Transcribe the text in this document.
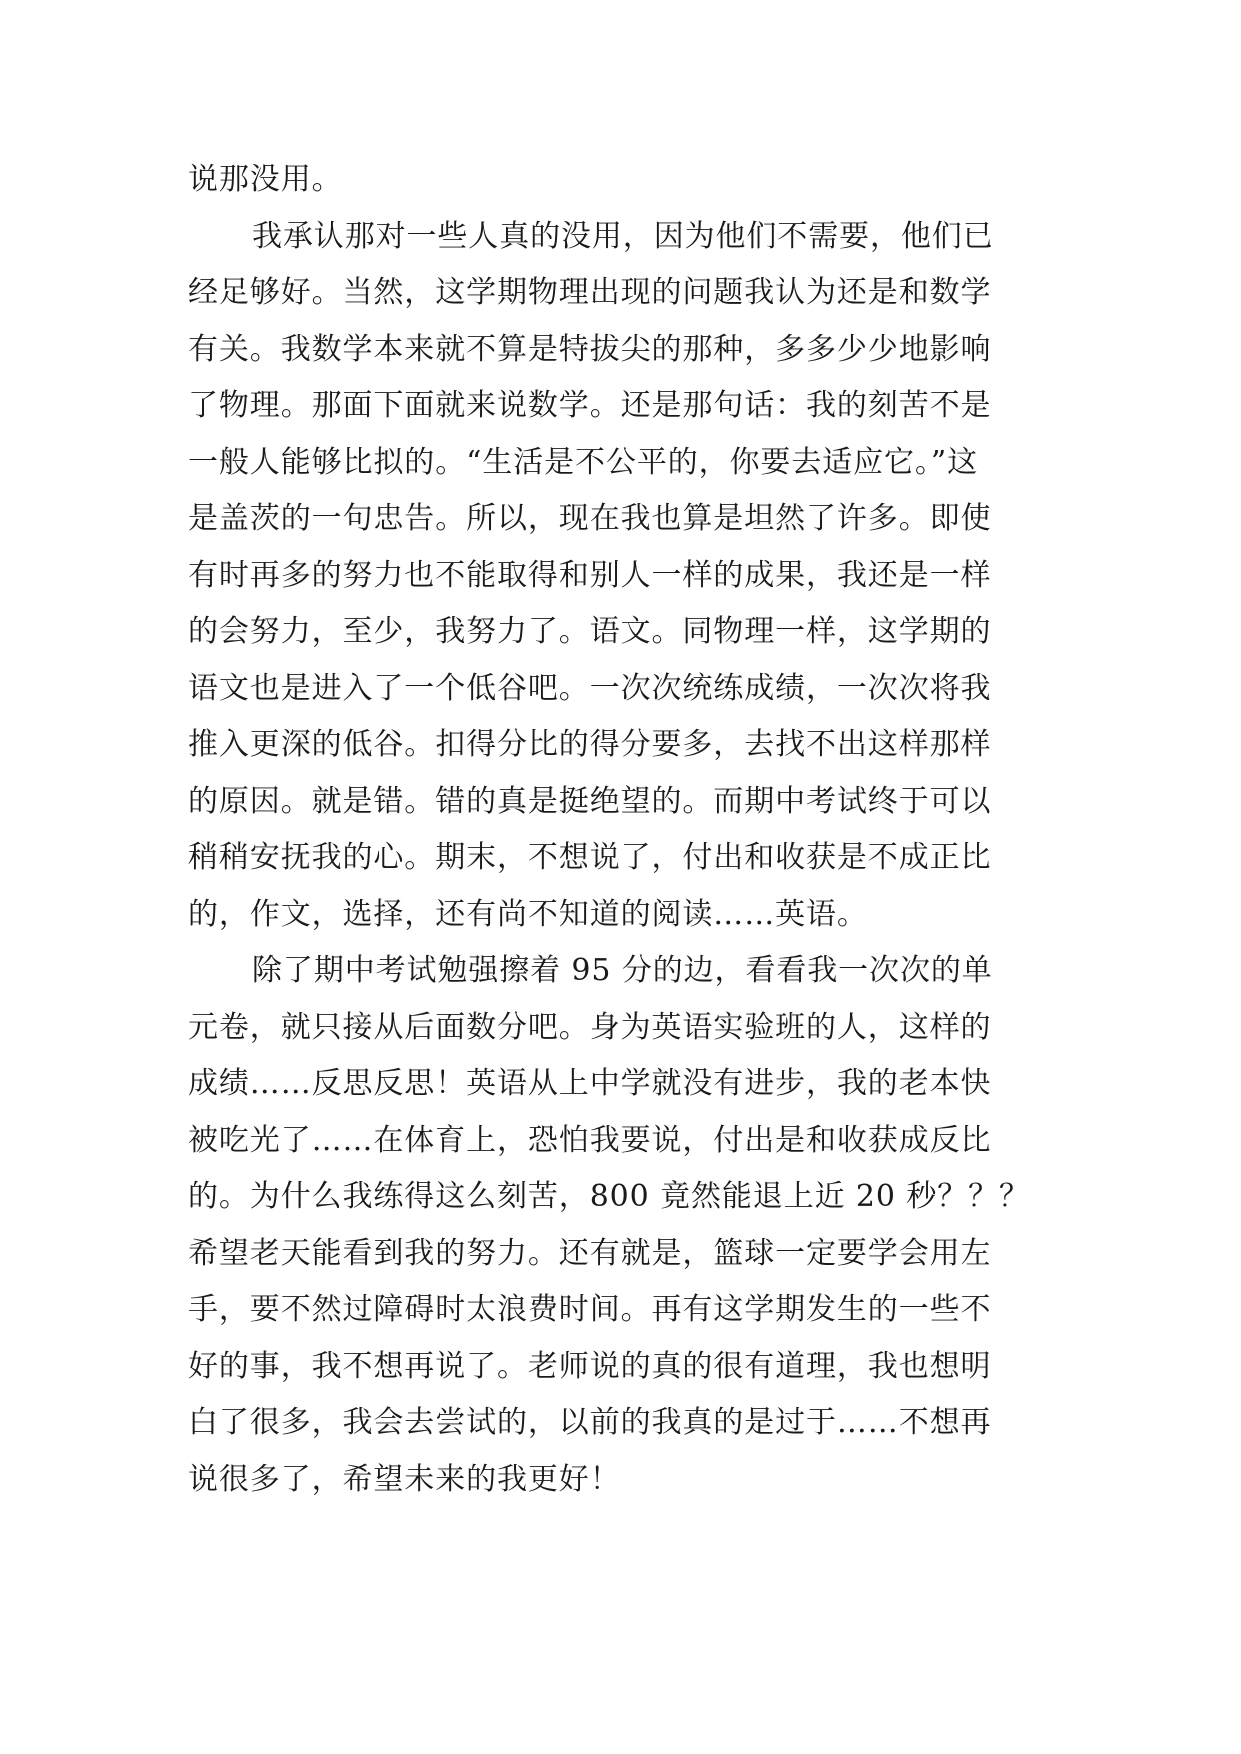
说那没用。
我承认那对一些人真的没用，因为他们不需要，他们已
经足够好。当然，这学期物理出现的问题我认为还是和数学
有关。我数学本来就不算是特拔尖的那种，多多少少地影响
了物理。那面下面就来说数学。还是那句话：我的刻苦不是
一般人能够比拟的。“生活是不公平的，你要去适应它。”这
是盖茨的一句忠告。所以，现在我也算是坦然了许多。即使
有时再多的努力也不能取得和别人一样的成果，我还是一样
的会努力，至少，我努力了。语文。同物理一样，这学期的
语文也是进入了一个低谷吧。一次次统练成绩，一次次将我
推入更深的低谷。扣得分比的得分要多，去找不出这样那样
的原因。就是错。错的真是挺绝望的。而期中考试终于可以
稍稍安抚我的心。期末，不想说了，付出和收获是不成正比
的，作文，选择，还有尚不知道的阅读……英语。
除了期中考试勉强擦着 95 分的边，看看我一次次的单
元卷，就只接从后面数分吧。身为英语实验班的人，这样的
成绩……反思反思！英语从上中学就没有进步，我的老本快
被吃光了……在体育上，恐怕我要说，付出是和收获成反比
的。为什么我练得这么刻苦，800 竟然能退上近 20 秒？？？
希望老天能看到我的努力。还有就是，篮球一定要学会用左
手，要不然过障碍时太浪费时间。再有这学期发生的一些不
好的事，我不想再说了。老师说的真的很有道理，我也想明
白了很多，我会去尝试的，以前的我真的是过于……不想再
说很多了，希望未来的我更好！
